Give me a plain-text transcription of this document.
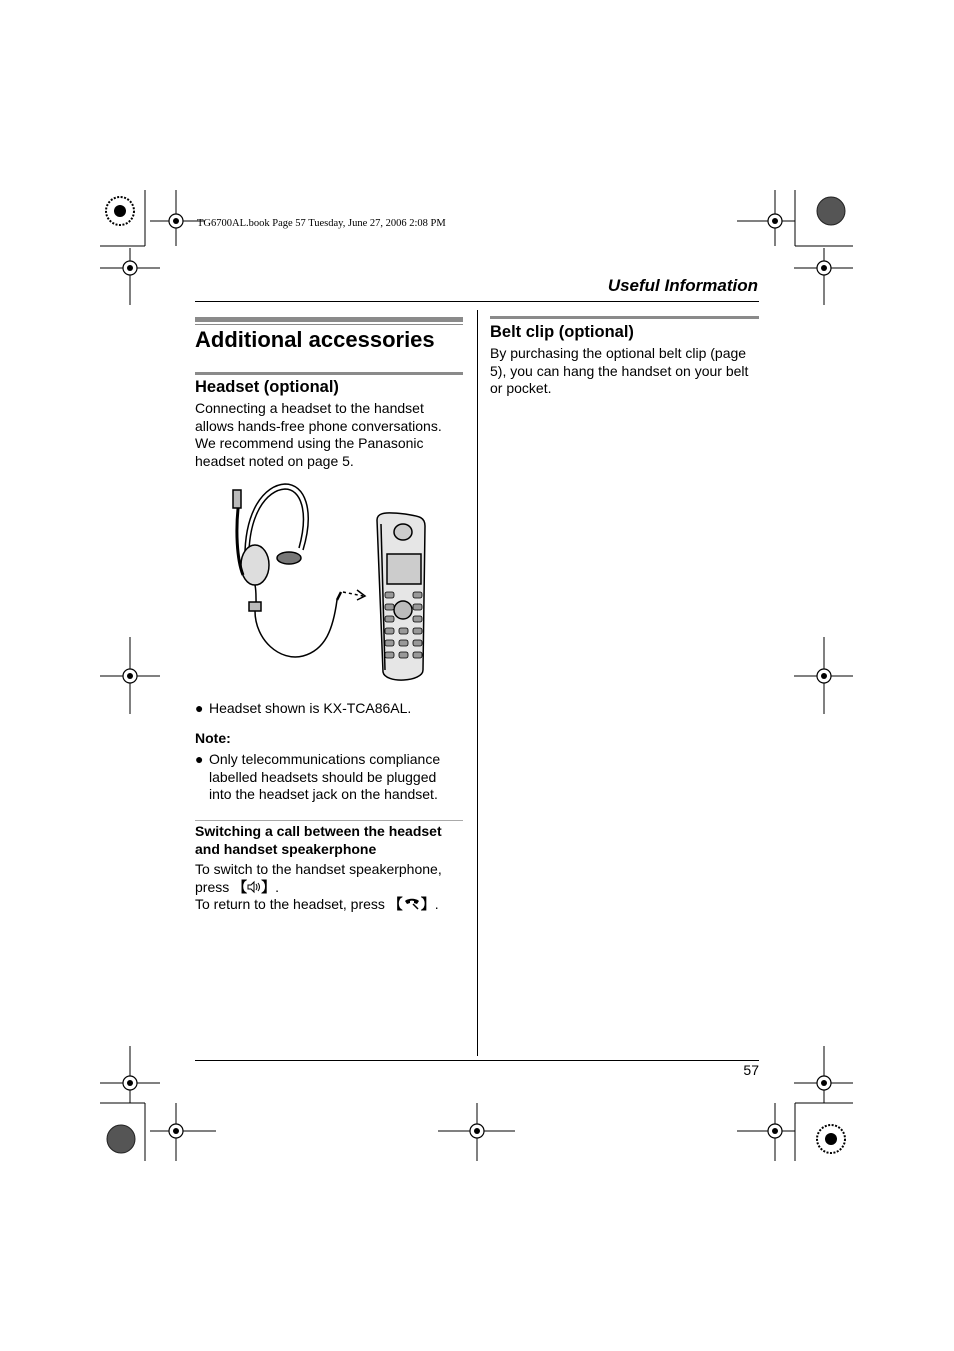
TG6700AL.book Page 57 Tuesday, June 27, 2006 2:08 PM
Useful Information
Additional accessories
Headset (optional)
Connecting a headset to the handset
allows hands-free phone conversations.
We recommend using the Panasonic
headset noted on page 5.
● Headset shown is KX-TCA86AL.
Note:
● Only telecommunications compliance
labelled headsets should be plugged
into the headset jack on the handset.
Switching a call between the headset
and handset speakerphone
To switch to the handset speakerphone,
press 【 】.
To return to the headset, press 【 】.
Belt clip (optional)
By purchasing the optional belt clip (page
5), you can hang the handset on your belt
or pocket.
57
